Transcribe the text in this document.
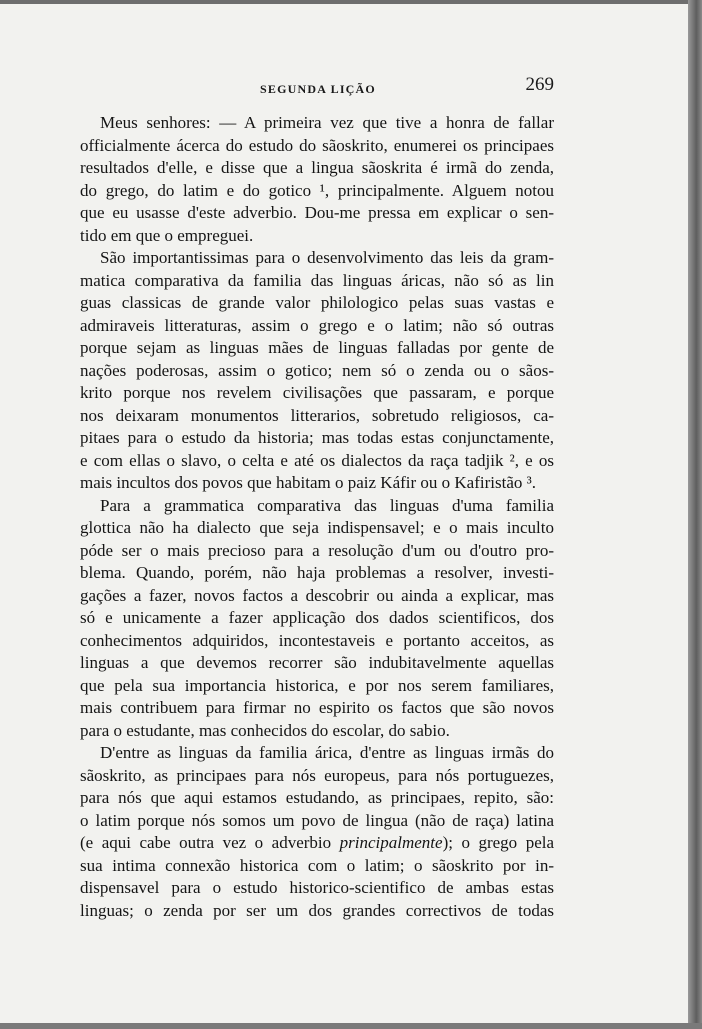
SEGUNDA LIÇÃO	269
Meus senhores: — A primeira vez que tive a honra de fallar
officialmente ácerca do estudo do sãoskrito, enumerei os principaes
resultados d'elle, e disse que a lingua sãoskrita é irmã do zenda,
do grego, do latim e do gotico ¹, principalmente. Alguem notou
que eu usasse d'este adverbio. Dou-me pressa em explicar o sen-
tido em que o empreguei.
São importantissimas para o desenvolvimento das leis da gram-
matica comparativa da familia das linguas áricas, não só as lin
guas classicas de grande valor philologico pelas suas vastas e
admiraveis litteraturas, assim o grego e o latim; não só outras
porque sejam as linguas mães de linguas falladas por gente de
nações poderosas, assim o gotico; nem só o zenda ou o sãos-
krito porque nos revelem civilisações que passaram, e porque
nos deixaram monumentos litterarios, sobretudo religiosos, ca-
pitaes para o estudo da historia; mas todas estas conjunctamente,
e com ellas o slavo, o celta e até os dialectos da raça tadjik ², e os
mais incultos dos povos que habitam o paiz Káfir ou o Kafiristão ³.
Para a grammatica comparativa das linguas d'uma familia
glottica não ha dialecto que seja indispensavel; e o mais inculto
póde ser o mais precioso para a resolução d'um ou d'outro pro-
blema. Quando, porém, não haja problemas a resolver, investi-
gações a fazer, novos factos a descobrir ou ainda a explicar, mas
só e unicamente a fazer applicação dos dados scientificos, dos
conhecimentos adquiridos, incontestaveis e portanto acceitos, as
linguas a que devemos recorrer são indubitavelmente aquellas
que pela sua importancia historica, e por nos serem familiares,
mais contribuem para firmar no espirito os factos que são novos
para o estudante, mas conhecidos do escolar, do sabio.
D'entre as linguas da familia árica, d'entre as linguas irmãs do
sãoskrito, as principaes para nós europeus, para nós portuguezes,
para nós que aqui estamos estudando, as principaes, repito, são:
o latim porque nós somos um povo de lingua (não de raça) latina
(e aqui cabe outra vez o adverbio principalmente); o grego pela
sua intima connexão historica com o latim; o sãoskrito por in-
dispensavel para o estudo historico-scientifico de ambas estas
linguas; o zenda por ser um dos grandes correctivos de todas
